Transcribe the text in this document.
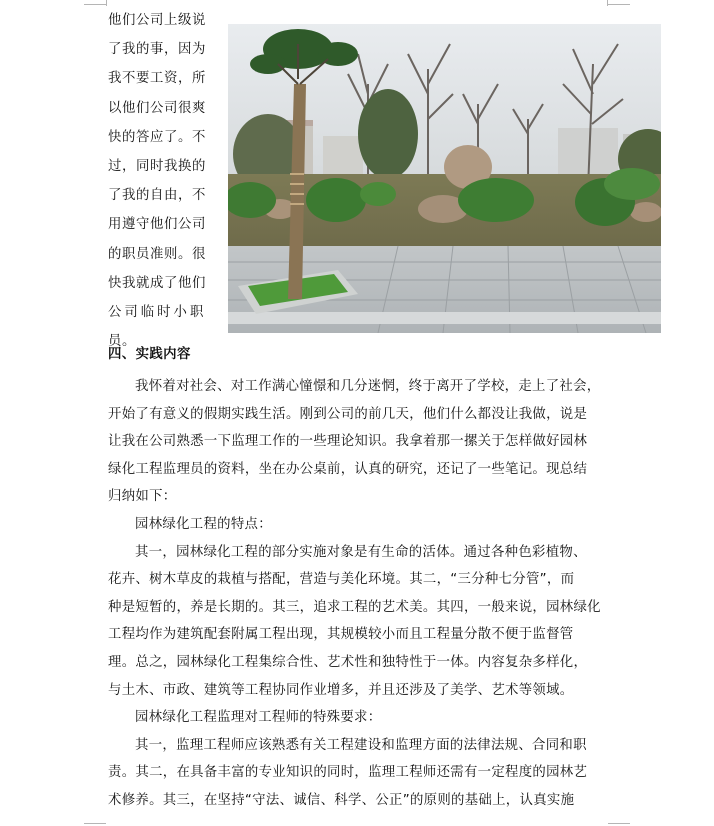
他们公司上级说
了我的事，因为
我不要工资，所
以他们公司很爽
快的答应了。不
过，同时我换的
了我的自由，不
用遵守他们公司
的职员准则。很
快我就成了他们
公司临时小职
员。
四、实践内容
我怀着对社会、对工作满心憧憬和几分迷惘，终于离开了学校，走上了社会，
开始了有意义的假期实践生活。刚到公司的前几天，他们什么都没让我做，说是
让我在公司熟悉一下监理工作的一些理论知识。我拿着那一摞关于怎样做好园林
绿化工程监理员的资料，坐在办公桌前，认真的研究，还记了一些笔记。现总结
归纳如下：
园林绿化工程的特点：
其一，园林绿化工程的部分实施对象是有生命的活体。通过各种色彩植物、
花卉、树木草皮的栽植与搭配，营造与美化环境。其二，“三分种七分管”，而
种是短暂的，养是长期的。其三，追求工程的艺术美。其四，一般来说，园林绿化
工程均作为建筑配套附属工程出现，其规模较小而且工程量分散不便于监督管
理。总之，园林绿化工程集综合性、艺术性和独特性于一体。内容复杂多样化，
与土木、市政、建筑等工程协同作业增多，并且还涉及了美学、艺术等领域。
园林绿化工程监理对工程师的特殊要求：
其一，监理工程师应该熟悉有关工程建设和监理方面的法律法规、合同和职
责。其二，在具备丰富的专业知识的同时，监理工程师还需有一定程度的园林艺
术修养。其三，在坚持“守法、诚信、科学、公正”的原则的基础上，认真实施
